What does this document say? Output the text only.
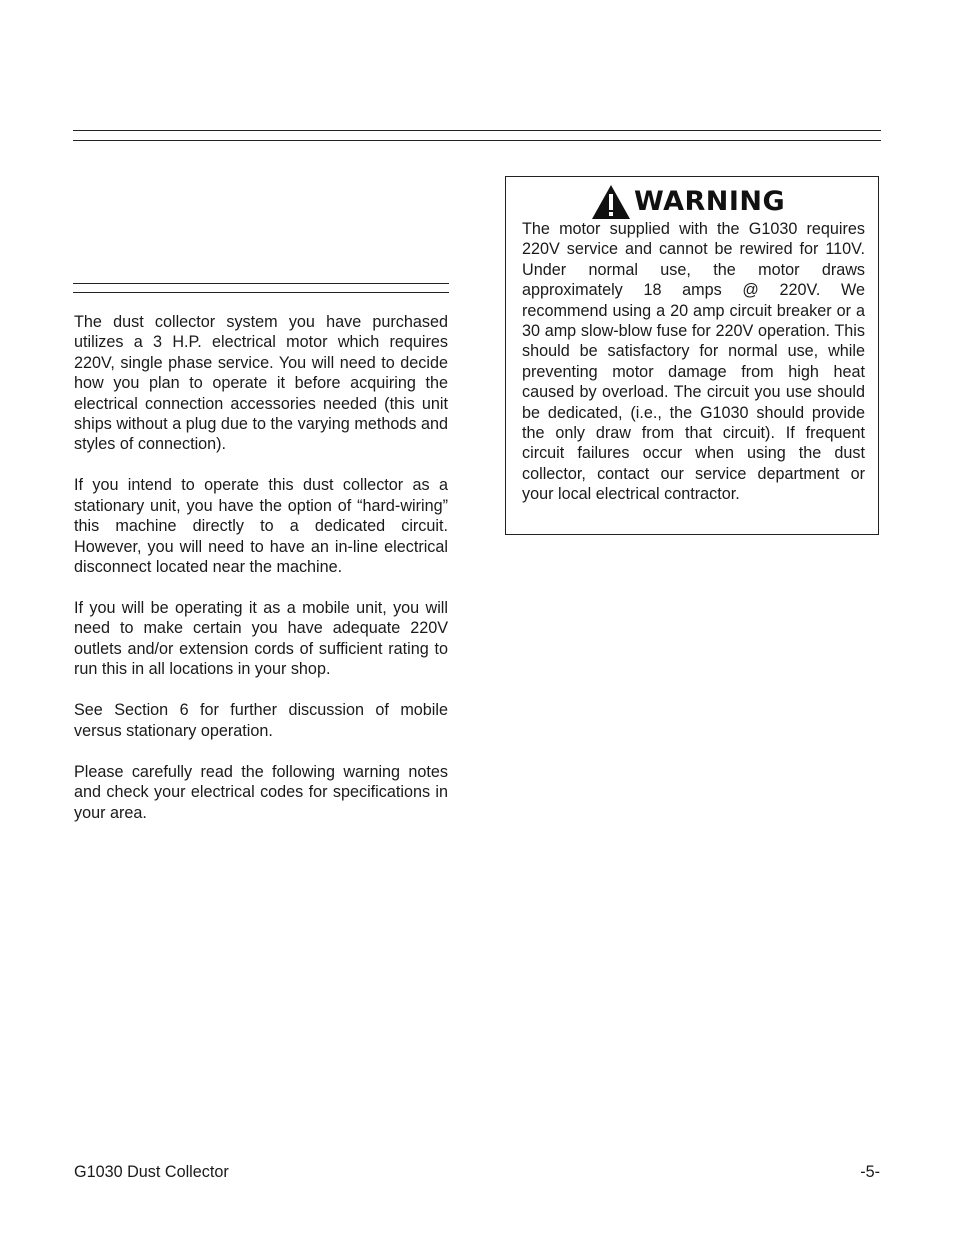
The dust collector system you have purchased utilizes a 3 H.P. electrical motor which requires 220V, single phase service. You will need to decide how you plan to operate it before acquiring the electrical connection accessories needed (this unit ships without a plug due to the varying methods and styles of connection).

If you intend to operate this dust collector as a stationary unit, you have the option of “hard-wiring” this machine directly to a dedicated circuit. However, you will need to have an in-line electrical disconnect located near the machine.

If you will be operating it as a mobile unit, you will need to make certain you have adequate 220V outlets and/or extension cords of sufficient rating to run this in all locations in your shop.

See Section 6 for further discussion of mobile versus stationary operation.

Please carefully read the following warning notes and check your electrical codes for specifications in your area.

WARNING

The motor supplied with the G1030 requires 220V service and cannot be rewired for 110V. Under normal use, the motor draws approximately 18 amps @ 220V. We recommend using a 20 amp circuit breaker or a 30 amp slow-blow fuse for 220V operation. This should be satisfactory for normal use, while preventing motor damage from high heat caused by overload. The circuit you use should be dedicated, (i.e., the G1030 should provide the only draw from that circuit). If frequent circuit failures occur when using the dust collector, contact our service department or your local electrical contractor.

G1030 Dust Collector	-5-
